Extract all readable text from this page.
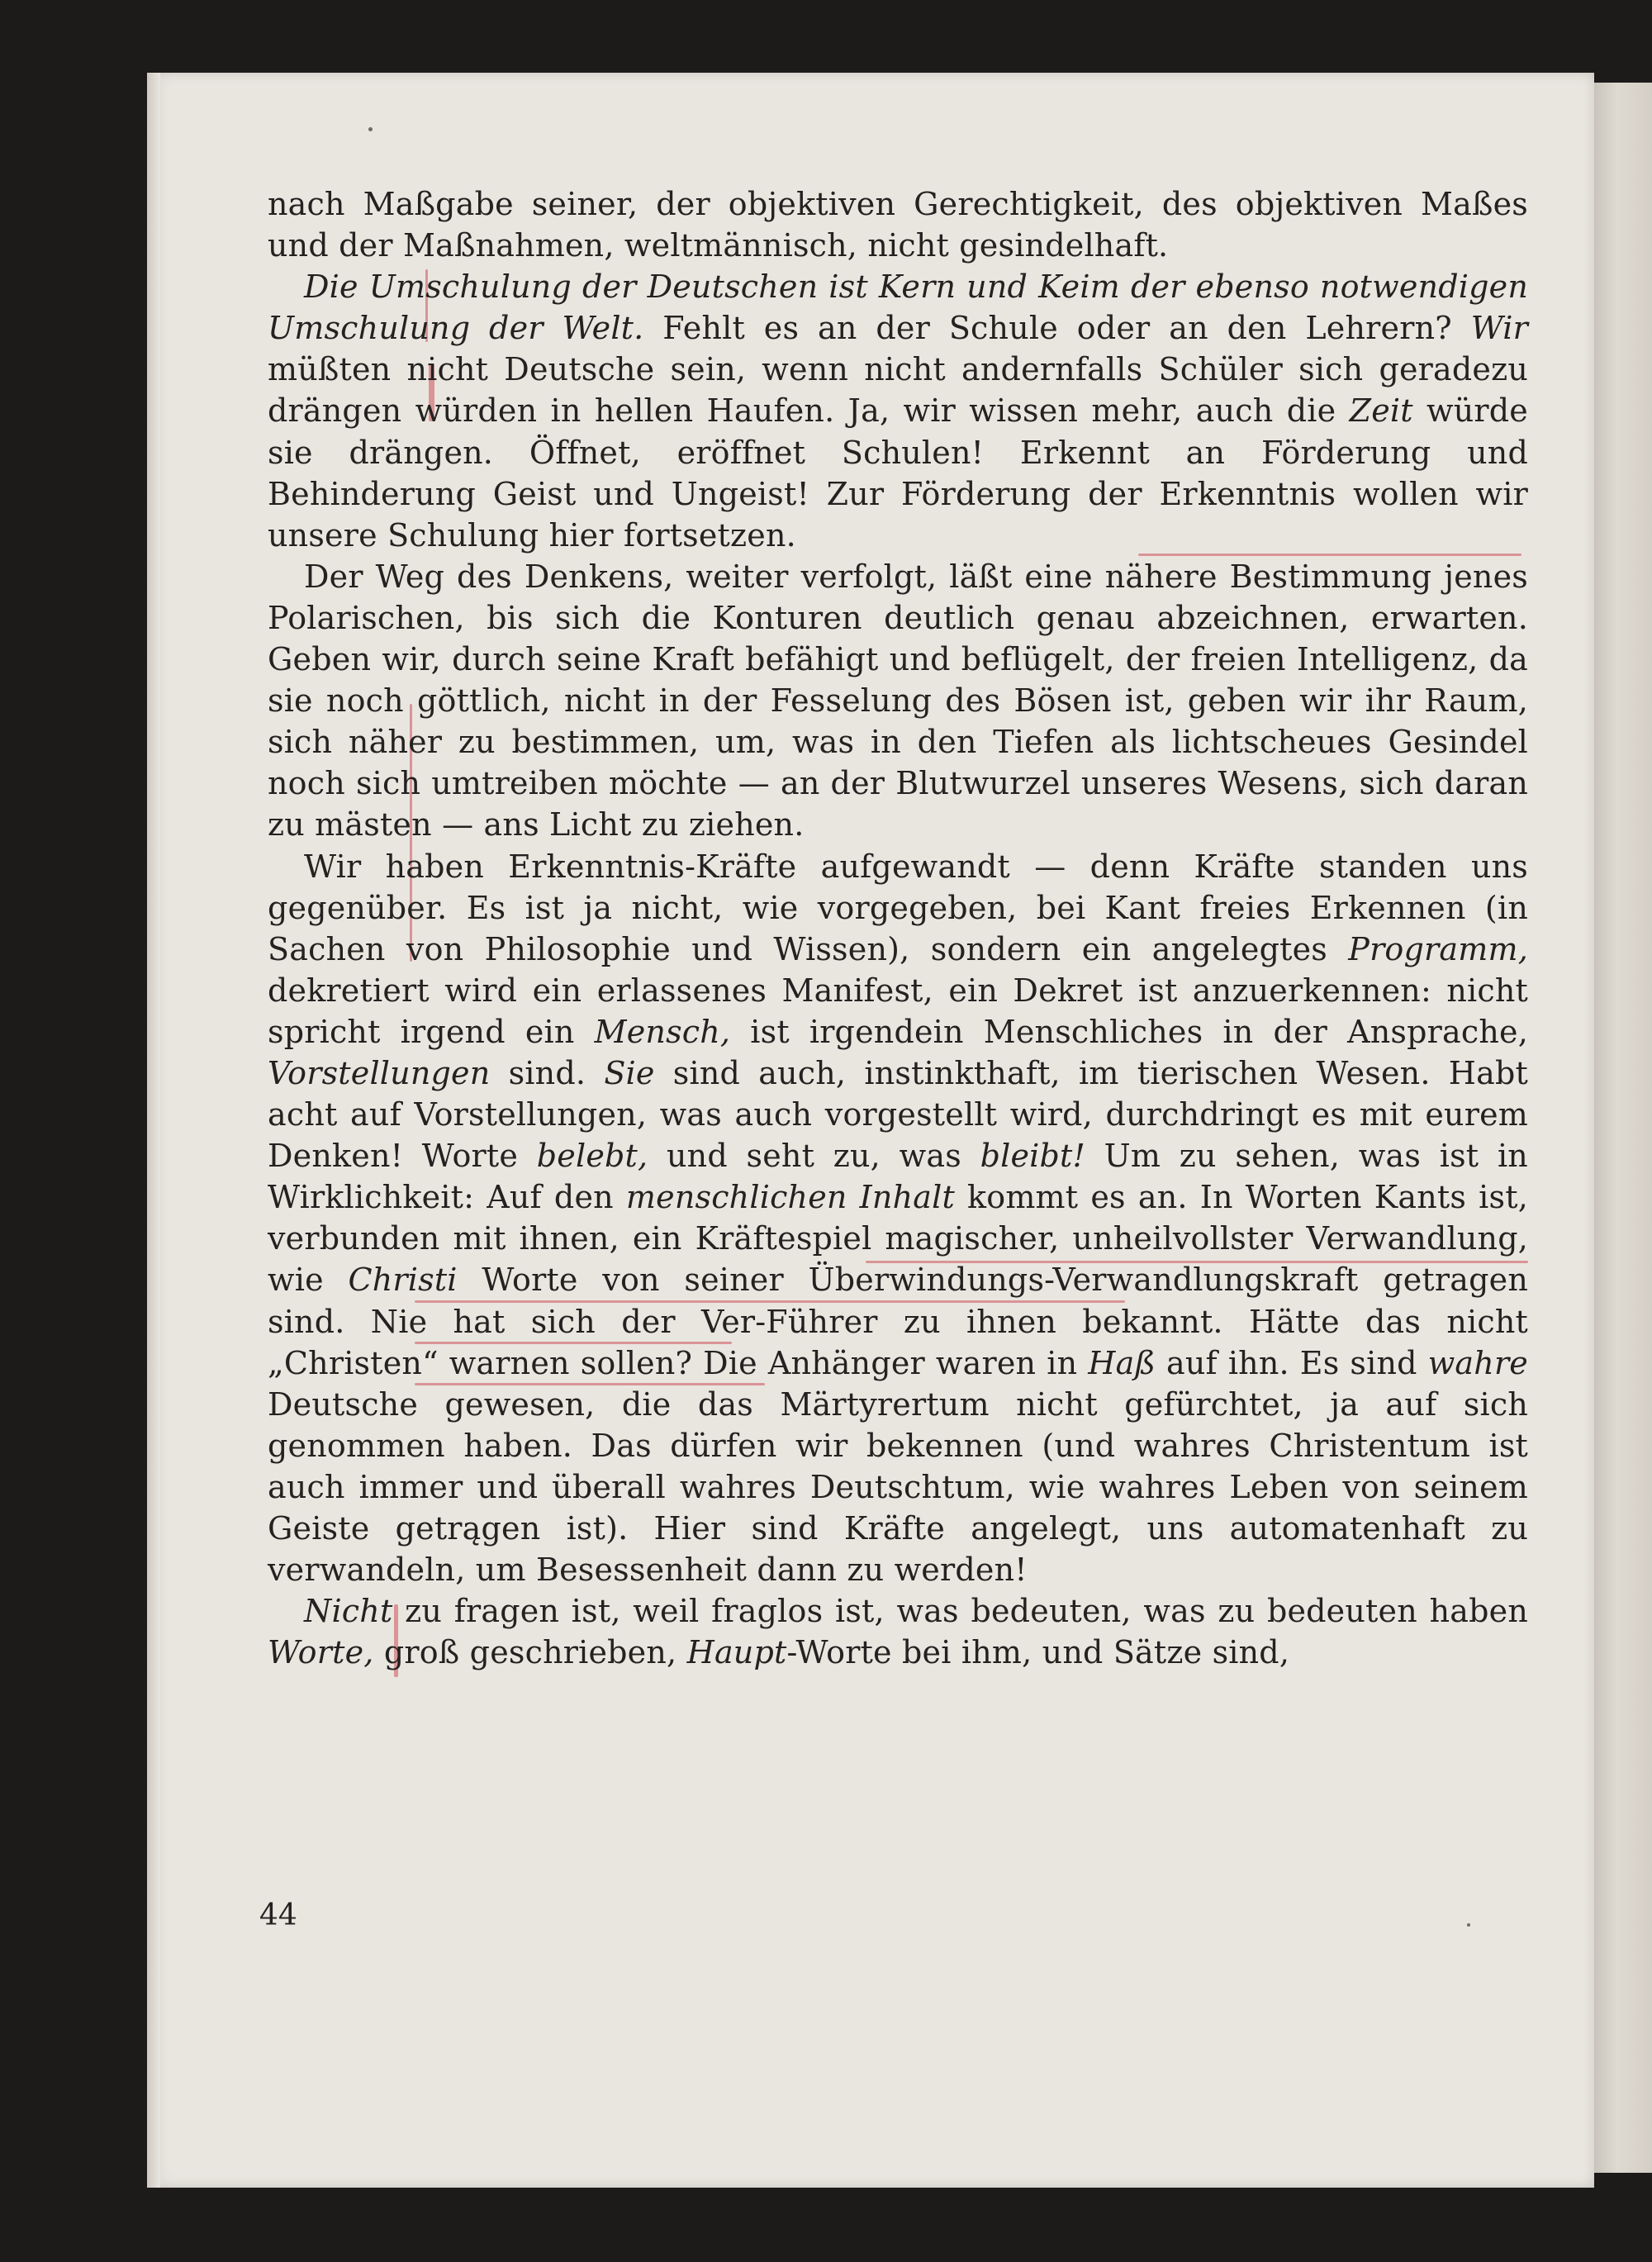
nach Maßgabe seiner, der objektiven Gerechtigkeit, des objektiven Maßes und der Maßnahmen, weltmännisch, nicht gesindelhaft.

Die Umschulung der Deutschen ist Kern und Keim der ebenso notwendigen Umschulung der Welt. Fehlt es an der Schule oder an den Lehrern? Wir müßten nicht Deutsche sein, wenn nicht andernfalls Schüler sich geradezu drängen würden in hellen Haufen. Ja, wir wissen mehr, auch die Zeit würde sie drängen. Öffnet, eröffnet Schulen! Erkennt an Förderung und Behinderung Geist und Ungeist! Zur Förderung der Erkenntnis wollen wir unsere Schulung hier fortsetzen.

Der Weg des Denkens, weiter verfolgt, läßt eine nähere Bestimmung jenes Polarischen, bis sich die Konturen deutlich genau abzeichnen, erwarten. Geben wir, durch seine Kraft befähigt und beflügelt, der freien Intelligenz, da sie noch göttlich, nicht in der Fesselung des Bösen ist, geben wir ihr Raum, sich näher zu bestimmen, um, was in den Tiefen als lichtscheues Gesindel noch sich umtreiben möchte — an der Blutwurzel unseres Wesens, sich daran zu mästen — ans Licht zu ziehen.

Wir haben Erkenntnis-Kräfte aufgewandt — denn Kräfte standen uns gegenüber. Es ist ja nicht, wie vorgegeben, bei Kant freies Erkennen (in Sachen von Philosophie und Wissen), sondern ein angelegtes Programm, dekretiert wird ein erlassenes Manifest, ein Dekret ist anzuerkennen: nicht spricht irgend ein Mensch, ist irgendein Menschliches in der Ansprache, Vorstellungen sind. Sie sind auch, instinkthaft, im tierischen Wesen. Habt acht auf Vorstellungen, was auch vorgestellt wird, durchdringt es mit eurem Denken! Worte belebt, und seht zu, was bleibt! Um zu sehen, was ist in Wirklichkeit: Auf den menschlichen Inhalt kommt es an. In Worten Kants ist, verbunden mit ihnen, ein Kräftespiel magischer, unheilvollster Verwandlung, wie Christi Worte von seiner Überwindungs-Verwandlungskraft getragen sind. Nie hat sich der Ver-Führer zu ihnen bekannt. Hätte das nicht „Christen“ warnen sollen? Die Anhänger waren in Haß auf ihn. Es sind wahre Deutsche gewesen, die das Märtyrertum nicht gefürchtet, ja auf sich genommen haben. Das dürfen wir bekennen (und wahres Christentum ist auch immer und überall wahres Deutschtum, wie wahres Leben von seinem Geiste getrągen ist). Hier sind Kräfte angelegt, uns automatenhaft zu verwandeln, um Besessenheit dann zu werden!

Nicht zu fragen ist, weil fraglos ist, was bedeuten, was zu bedeuten haben Worte, groß geschrieben, Haupt-Worte bei ihm, und Sätze sind,

44
